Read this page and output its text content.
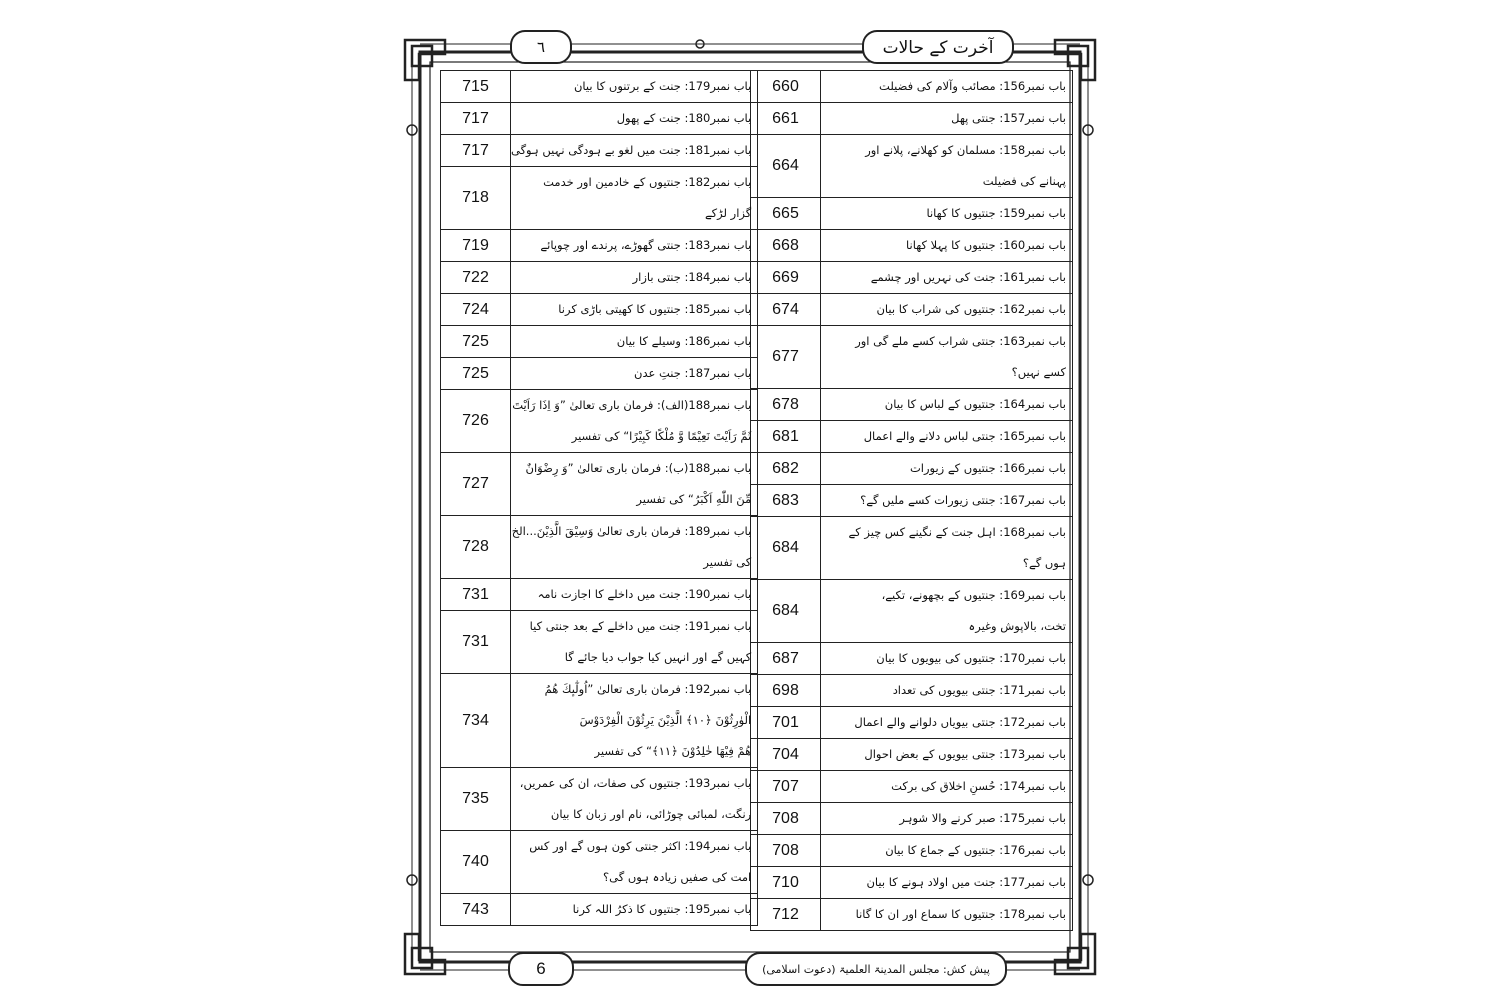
آخرت کے حالات
٦
660	باب نمبر156: مصائب وآلام کی فضیلت

661	باب نمبر157: جنتی پھل

664	باب نمبر158: مسلمان کو کھلانے، پلانے اور
پہنانے کی فضیلت

665	باب نمبر159: جنتیوں کا کھانا

668	باب نمبر160: جنتیوں کا پہلا کھانا

669	باب نمبر161: جنت کی نہریں اور چشمے

674	باب نمبر162: جنتیوں کی شراب کا بیان

677	باب نمبر163: جنتی شراب کسے ملے گی اور
کسے نہیں؟

678	باب نمبر164: جنتیوں کے لباس کا بیان

681	باب نمبر165: جنتی لباس دلانے والے اعمال

682	باب نمبر166: جنتیوں کے زیورات

683	باب نمبر167: جنتی زیورات کسے ملیں گے؟

684	باب نمبر168: اہل جنت کے نگینے کس چیز کے
ہوں گے؟

684	باب نمبر169: جنتیوں کے بچھونے، تکیے،
تخت، بالاپوش وغیرہ

687	باب نمبر170: جنتیوں کی بیویوں کا بیان

698	باب نمبر171: جنتی بیویوں کی تعداد

701	باب نمبر172: جنتی بیویاں دلوانے والے اعمال

704	باب نمبر173: جنتی بیویوں کے بعض احوال

707	باب نمبر174: حُسنِ اخلاق کی برکت

708	باب نمبر175: صبر کرنے والا شوہر

708	باب نمبر176: جنتیوں کے جماع کا بیان

710	باب نمبر177: جنت میں اولاد ہونے کا بیان

712	باب نمبر178: جنتیوں کا سماع اور ان کا گانا
715	باب نمبر179: جنت کے برتنوں کا بیان

717	باب نمبر180: جنت کے پھول

717	باب نمبر181: جنت میں لغو بے ہودگی نہیں ہوگی

718	باب نمبر182: جنتیوں کے خادمین اور خدمت
گزار لڑکے

719	باب نمبر183: جنتی گھوڑے، پرندے اور چوپائے

722	باب نمبر184: جنتی بازار

724	باب نمبر185: جنتیوں کا کھیتی باڑی کرنا

725	باب نمبر186: وسیلے کا بیان

725	باب نمبر187: جنتِ عدن

726	باب نمبر188(الف): فرمان باری تعالیٰ ”وَ اِذَا رَاَیْتَ
ثَمَّ رَاَیْتَ نَعِیْمًا وَّ مُلْكًا كَبِیْرًا“ کی تفسیر

727	باب نمبر188(ب): فرمان باری تعالیٰ ”وَ رِضْوَانٌ
مِّنَ اللّٰهِ اَكْبَرُ“ کی تفسیر

728	باب نمبر189: فرمان باری تعالیٰ وَسِیْقَ الَّذِیْنَ...الخ
کی تفسیر

731	باب نمبر190: جنت میں داخلے کا اجازت نامہ

731	باب نمبر191: جنت میں داخلے کے بعد جنتی کیا
کہیں گے اور انہیں کیا جواب دیا جائے گا

734	باب نمبر192: فرمان باری تعالیٰ ”اُولٰٓىٕكَ هُمُ
الْوٰرِثُوْنَ ﴿۱۰﴾ الَّذِیْنَ یَرِثُوْنَ الْفِرْدَوْسَ
هُمْ فِیْهَا خٰلِدُوْنَ ﴿۱۱﴾“ کی تفسیر

735	باب نمبر193: جنتیوں کی صفات، ان کی عمریں،
رنگت، لمبائی چوڑائی، نام اور زبان کا بیان

740	باب نمبر194: اکثر جنتی کون ہوں گے اور کس
امت کی صفیں زیادہ ہوں گی؟

743	باب نمبر195: جنتیوں کا ذکرُ اللہ کرنا
پیش کش: مجلس المدینۃ العلمیۃ (دعوت اسلامی)
6
